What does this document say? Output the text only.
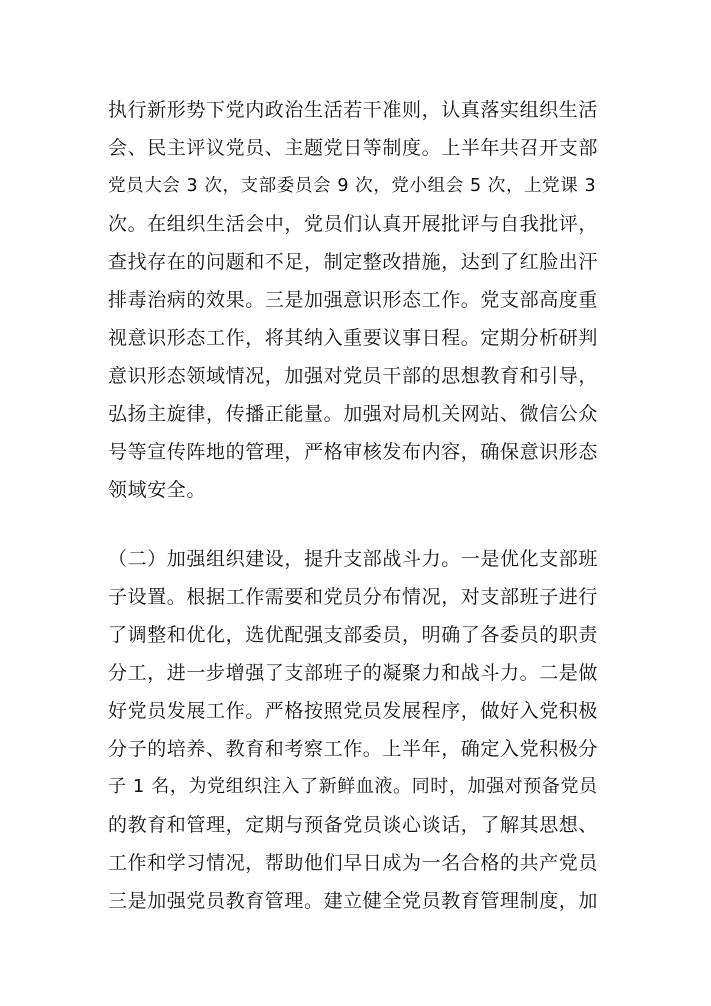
执行新形势下党内政治生活若干准则，认真落实组织生活
会、民主评议党员、主题党日等制度。上半年共召开支部
党员大会 3 次，支部委员会 9 次，党小组会 5 次，上党课 3
次。在组织生活会中，党员们认真开展批评与自我批评，
查找存在的问题和不足，制定整改措施，达到了红脸出汗
排毒治病的效果。三是加强意识形态工作。党支部高度重
视意识形态工作，将其纳入重要议事日程。定期分析研判
意识形态领域情况，加强对党员干部的思想教育和引导，
弘扬主旋律，传播正能量。加强对局机关网站、微信公众
号等宣传阵地的管理，严格审核发布内容，确保意识形态
领域安全。
（二）加强组织建设，提升支部战斗力。一是优化支部班
子设置。根据工作需要和党员分布情况，对支部班子进行
了调整和优化，选优配强支部委员，明确了各委员的职责
分工，进一步增强了支部班子的凝聚力和战斗力。二是做
好党员发展工作。严格按照党员发展程序，做好入党积极
分子的培养、教育和考察工作。上半年，确定入党积极分
子 1 名，为党组织注入了新鲜血液。同时，加强对预备党员
的教育和管理，定期与预备党员谈心谈话，了解其思想、
工作和学习情况，帮助他们早日成为一名合格的共产党员
三是加强党员教育管理。建立健全党员教育管理制度，加
